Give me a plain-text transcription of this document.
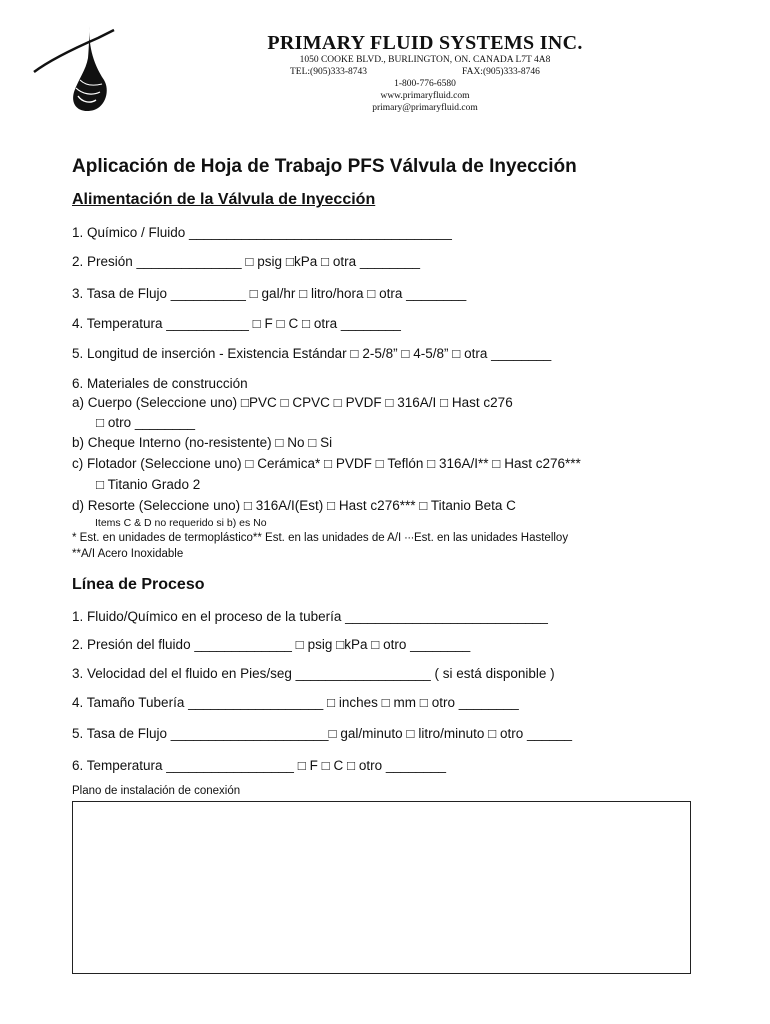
PRIMARY FLUID SYSTEMS INC.
1050 COOKE BLVD., BURLINGTON, ON. CANADA L7T 4A8
TEL:(905)333-8743	FAX:(905)333-8746
1-800-776-6580
www.primaryfluid.com
primary@primaryfluid.com
Aplicación de Hoja de Trabajo PFS Válvula de Inyección
Alimentación de la Válvula de Inyección
1. Químico / Fluido ___________________________________
2. Presión ______________ □ psig □kPa □ otra ________
3. Tasa de Flujo __________ □ gal/hr □ litro/hora □ otra ________
4. Temperatura ___________ □ F □ C □ otra ________
5. Longitud de inserción - Existencia Estándar □ 2-5/8” □ 4-5/8” □ otra ________
6. Materiales de construcción
a) Cuerpo (Seleccione uno) □PVC □ CPVC □ PVDF □ 316A/I □ Hast c276
□ otro ________
b) Cheque Interno (no-resistente) □ No □ Si
c) Flotador (Seleccione uno) □ Cerámica* □ PVDF □ Teflón □ 316A/I** □ Hast c276***
□ Titanio Grado 2
d) Resorte (Seleccione uno) □ 316A/I(Est) □ Hast c276*** □ Titanio Beta C
Items C & D no requerido si b) es No
* Est. en unidades de termoplástico** Est. en las unidades de A/I ∙∙∙Est. en las unidades Hastelloy
**A/I Acero Inoxidable
Línea de Proceso
1. Fluido/Químico en el proceso de la tubería ___________________________
2. Presión del fluido _____________ □ psig □kPa □ otro ________
3. Velocidad del el fluido en Pies/seg __________________ ( si está disponible )
4. Tamaño Tubería __________________ □ inches □ mm □ otro ________
5. Tasa de Flujo _____________________□ gal/minuto □ litro/minuto □ otro ______
6. Temperatura _________________ □ F □ C □ otro ________
Plano de instalación de conexión
